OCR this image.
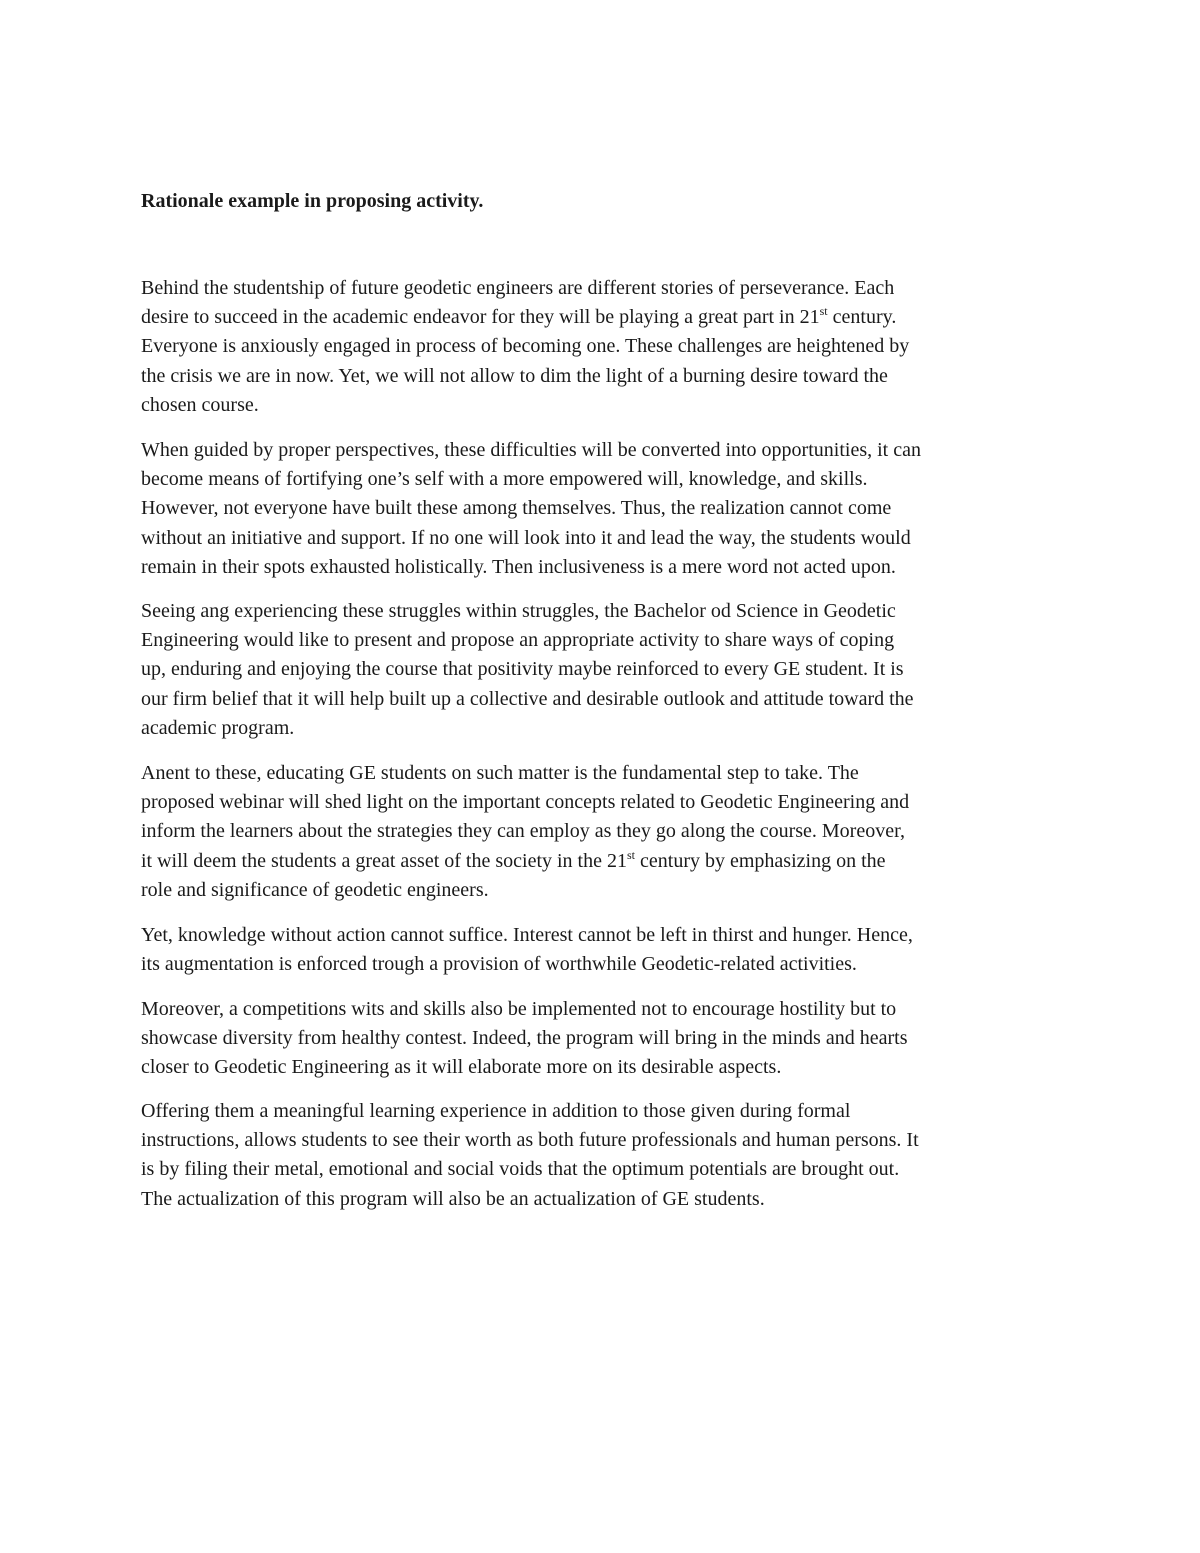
Rationale example in proposing activity.

Behind the studentship of future geodetic engineers are different stories of perseverance. Each
desire to succeed in the academic endeavor for they will be playing a great part in 21st century.
Everyone is anxiously engaged in process of becoming one. These challenges are heightened by
the crisis we are in now. Yet, we will not allow to dim the light of a burning desire toward the
chosen course.

When guided by proper perspectives, these difficulties will be converted into opportunities, it can
become means of fortifying one’s self with a more empowered will, knowledge, and skills.
However, not everyone have built these among themselves. Thus, the realization cannot come
without an initiative and support. If no one will look into it and lead the way, the students would
remain in their spots exhausted holistically. Then inclusiveness is a mere word not acted upon.

Seeing ang experiencing these struggles within struggles, the Bachelor od Science in Geodetic
Engineering would like to present and propose an appropriate activity to share ways of coping
up, enduring and enjoying the course that positivity maybe reinforced to every GE student. It is
our firm belief that it will help built up a collective and desirable outlook and attitude toward the
academic program.

Anent to these, educating GE students on such matter is the fundamental step to take. The
proposed webinar will shed light on the important concepts related to Geodetic Engineering and
inform the learners about the strategies they can employ as they go along the course. Moreover,
it will deem the students a great asset of the society in the 21st century by emphasizing on the
role and significance of geodetic engineers.

Yet, knowledge without action cannot suffice. Interest cannot be left in thirst and hunger. Hence,
its augmentation is enforced trough a provision of worthwhile Geodetic-related activities.

Moreover, a competitions wits and skills also be implemented not to encourage hostility but to
showcase diversity from healthy contest. Indeed, the program will bring in the minds and hearts
closer to Geodetic Engineering as it will elaborate more on its desirable aspects.

Offering them a meaningful learning experience in addition to those given during formal
instructions, allows students to see their worth as both future professionals and human persons. It
is by filing their metal, emotional and social voids that the optimum potentials are brought out.
The actualization of this program will also be an actualization of GE students.
